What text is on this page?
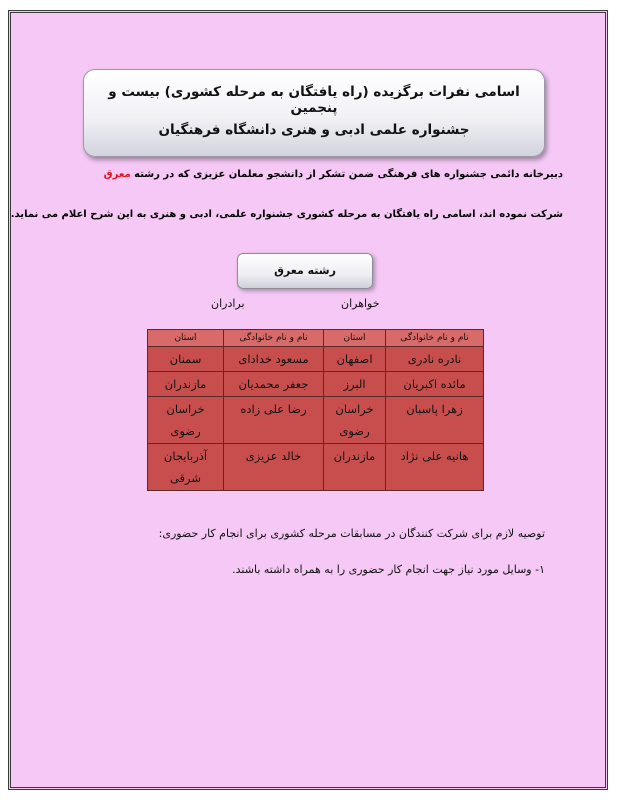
اسامی نفرات برگزیده (راه یافتگان به مرحله کشوری) بیست و پنجمین
جشنواره علمی ادبی و هنری دانشگاه فرهنگیان
دبیرخانه دائمی جشنواره های فرهنگی ضمن تشکر از دانشجو معلمان عزیزی که در رشته معرق
شرکت نموده اند، اسامی راه یافتگان به مرحله کشوری جشنواره علمی، ادبی و هنری به این شرح اعلام می نماید.
رشته معرق
خواهران
برادران
نام و نام خانوادگی	استان	نام و نام خانوادگی	استان
نادره نادری	اصفهان	مسعود خدادای	سمنان
مائده اکبریان	البرز	جعفر محمدیان	مازندران
زهرا پاسبان	خراسان رضوی	رضا علی زاده	خراسان رضوی
هانیه علی نژاد	مازندران	خالد عزیزی	آذربایجان شرقی
توصیه لازم برای شرکت کنندگان در مسابقات مرحله کشوری برای انجام کار حضوری:
۱- وسایل مورد نیاز جهت انجام کار حضوری را به همراه داشته باشند.
